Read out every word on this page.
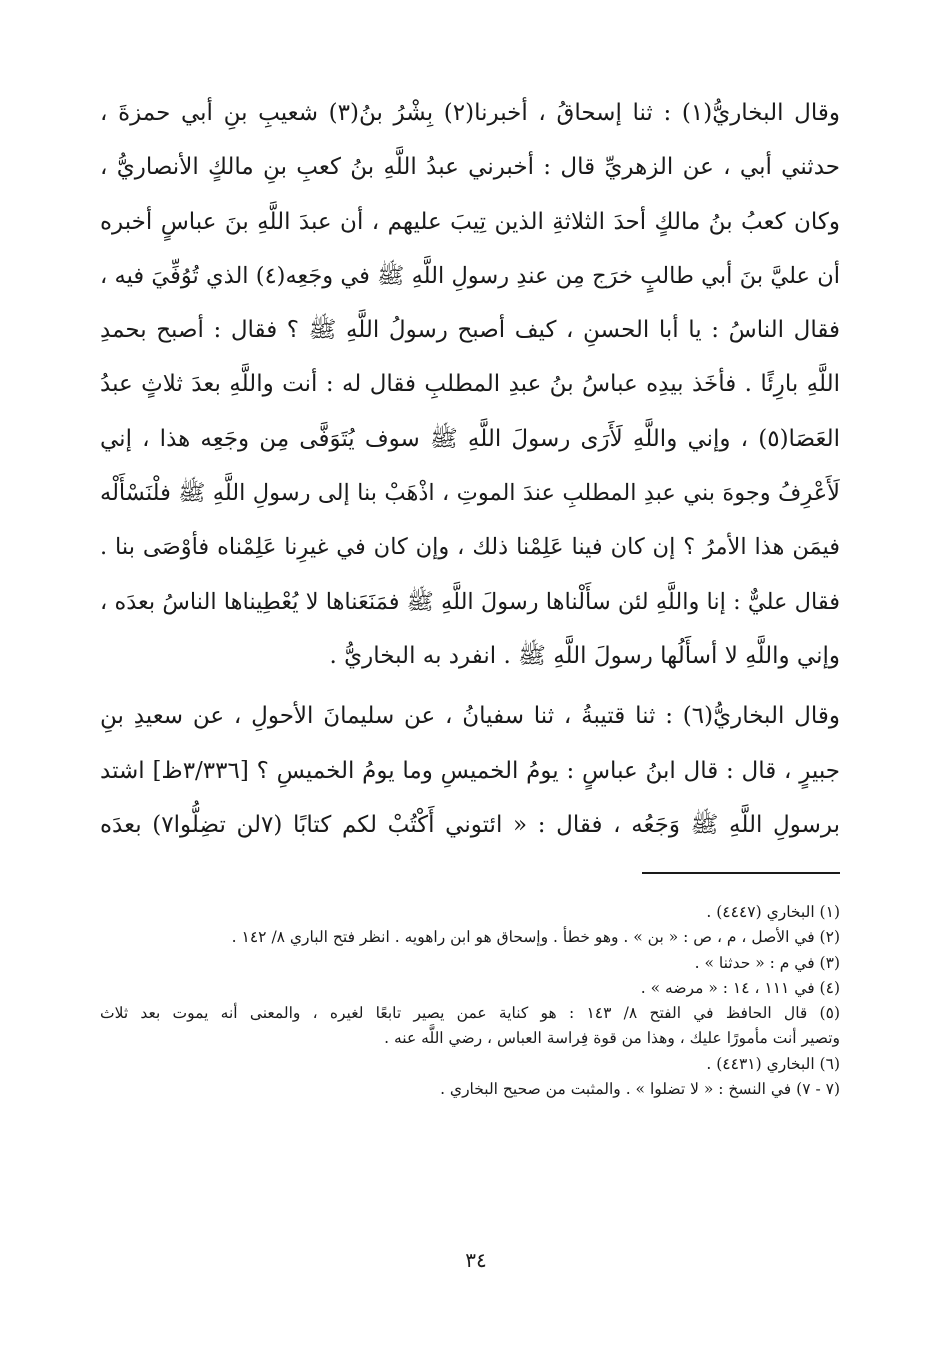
وقال البخاريُّ(١) : ثنا إسحاقُ ، أخبرنا(٢) بِشْرُ بنُ(٣) شعيبِ بنِ أبي حمزةَ ،
حدثني أبي ، عن الزهريِّ قال : أخبرني عبدُ اللَّهِ بنُ كعبِ بنِ مالكٍ الأنصاريُّ ،
وكان كعبُ بنُ مالكٍ أحدَ الثلاثةِ الذين تِيبَ عليهم ، أن عبدَ اللَّهِ بنَ عباسٍ أخبره
أن عليَّ بنَ أبي طالبٍ خرَج مِن عندِ رسولِ اللَّهِ ﷺ في وجَعِه(٤) الذي تُوُفِّيَ فيه ،
فقال الناسُ : يا أبا الحسنِ ، كيف أصبح رسولُ اللَّهِ ﷺ ؟ فقال : أصبح بحمدِ
اللَّهِ بارِئًا . فأخَذ بيدِه عباسُ بنُ عبدِ المطلبِ فقال له : أنت واللَّهِ بعدَ ثلاثٍ عبدُ
العَصَا(٥) ، وإني واللَّهِ لَأَرَى رسولَ اللَّهِ ﷺ سوف يُتَوَفَّى مِن وجَعِه هذا ، إني
لَأَعْرِفُ وجوهَ بني عبدِ المطلبِ عندَ الموتِ ، اذْهَبْ بنا إلى رسولِ اللَّهِ ﷺ فلْنَسْأَلْه
فيمَن هذا الأمرُ ؟ إن كان فينا عَلِمْنا ذلك ، وإن كان في غيرِنا عَلِمْناه فأوْصَى بنا .
فقال عليٌّ : إنا واللَّهِ لئن سأَلْناها رسولَ اللَّهِ ﷺ فمَنَعَناها لا يُعْطِيناها الناسُ بعدَه ،
وإني واللَّهِ لا أسأَلُها رسولَ اللَّهِ ﷺ . انفرد به البخاريُّ .
وقال البخاريُّ(٦) : ثنا قتيبةُ ، ثنا سفيانُ ، عن سليمانَ الأحولِ ، عن سعيدِ بنِ
جبيرٍ ، قال : قال ابنُ عباسٍ : يومُ الخميسِ وما يومُ الخميسِ ؟ [٣/٣٣٦ظ] اشتد
برسولِ اللَّهِ ﷺ وَجَعُه ، فقال : « ائتوني أَكْتُبْ لكم كتابًا (٧لن تضِلُّوا٧) بعدَه
(١) البخاري (٤٤٤٧) .
(٢) في الأصل ، م ، ص : « بن » . وهو خطأ . وإسحاق هو ابن راهويه . انظر فتح الباري ٨/ ١٤٢ .
(٣) في م : « حدثنا » .
(٤) في ١١١ ، ١٤ : « مرضه » .
(٥) قال الحافظ في الفتح ٨/ ١٤٣ : هو كناية عمن يصير تابعًا لغيره ، والمعنى أنه يموت بعد ثلاث
وتصير أنت مأمورًا عليك ، وهذا من قوة فِراسة العباس ، رضي اللَّه عنه .
(٦) البخاري (٤٤٣١) .
(٧ - ٧) في النسخ : « لا تضلوا » . والمثبت من صحيح البخاري .
٣٤
